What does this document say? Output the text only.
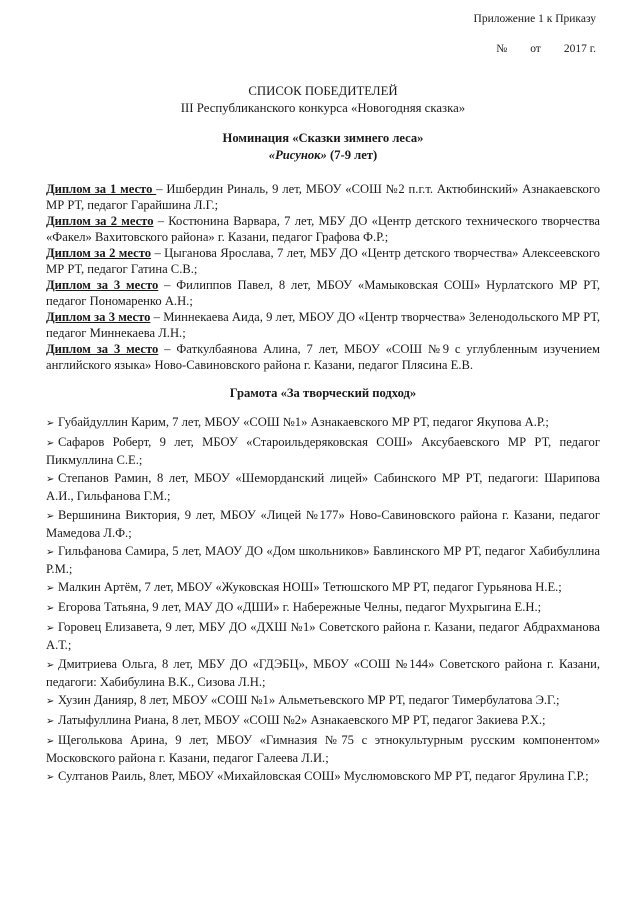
Приложение 1 к Приказу
№        от        2017 г.
СПИСОК ПОБЕДИТЕЛЕЙ
III Республиканского конкурса «Новогодняя сказка»
Номинация «Сказки зимнего леса»
«Рисунок» (7-9 лет)

Диплом за 1 место – Ишбердин Риналь, 9 лет, МБОУ «СОШ №2 п.г.т. Актюбинский» Азнакаевского МР РТ, педагог Гарайшина Л.Г.;

Диплом за 2 место – Костюнина Варвара, 7 лет, МБУ ДО «Центр детского технического творчества «Факел» Вахитовского района» г. Казани, педагог Графова Ф.Р.;

Диплом за 2 место – Цыганова Ярослава, 7 лет, МБУ ДО «Центр детского творчества» Алексеевского МР РТ, педагог Гатина С.В.;

Диплом за 3 место – Филиппов Павел, 8 лет, МБОУ «Мамыковская СОШ» Нурлатского МР РТ, педагог Пономаренко А.Н.;

Диплом за 3 место – Миннекаева Аида, 9 лет, МБОУ ДО «Центр творчества» Зеленодольского МР РТ, педагог Миннекаева Л.Н.;

Диплом за 3 место – Фаткулбаянова Алина, 7 лет, МБОУ «СОШ №9 с углубленным изучением английского языка» Ново-Савиновского района г. Казани, педагог Плясина Е.В.

Грамота «За творческий подход»

➢ Губайдуллин Карим, 7 лет, МБОУ «СОШ №1» Азнакаевского МР РТ, педагог Якупова А.Р.;

➢ Сафаров Роберт, 9 лет, МБОУ «Староильдеряковская СОШ» Аксубаевского МР РТ, педагог Пикмуллина С.Е.;

➢ Степанов Рамин, 8 лет, МБОУ «Шеморданский лицей» Сабинского МР РТ, педагоги: Шарипова А.И., Гильфанова Г.М.;

➢ Вершинина Виктория, 9 лет, МБОУ «Лицей №177» Ново-Савиновского района г. Казани, педагог Мамедова Л.Ф.;

➢ Гильфанова Самира, 5 лет, МАОУ ДО «Дом школьников» Бавлинского МР РТ, педагог Хабибуллина Р.М.;

➢ Малкин Артём, 7 лет, МБОУ «Жуковская НОШ» Тетюшского МР РТ, педагог Гурьянова Н.Е.;

➢ Егорова Татьяна, 9 лет, МАУ ДО «ДШИ» г. Набережные Челны, педагог Мухрыгина Е.Н.;

➢ Горовец Елизавета, 9 лет, МБУ ДО «ДХШ №1» Советского района г. Казани, педагог Абдрахманова А.Т.;

➢ Дмитриева Ольга, 8 лет, МБУ ДО «ГДЭБЦ», МБОУ «СОШ №144» Советского района г. Казани, педагоги: Хабибулина В.К., Сизова Л.Н.;

➢ Хузин Данияр, 8 лет, МБОУ «СОШ №1» Альметьевского МР РТ, педагог Тимербулатова Э.Г.;

➢ Латыфуллина Риана, 8 лет, МБОУ «СОШ №2» Азнакаевского МР РТ, педагог Закиева Р.Х.;

➢ Щеголькова Арина, 9 лет, МБОУ «Гимназия №75 с этнокультурным русским компонентом» Московского района г. Казани, педагог Галеева Л.И.;

➢ Султанов Раиль, 8лет, МБОУ «Михайловская СОШ» Муслюмовского МР РТ, педагог Ярулина Г.Р.;
